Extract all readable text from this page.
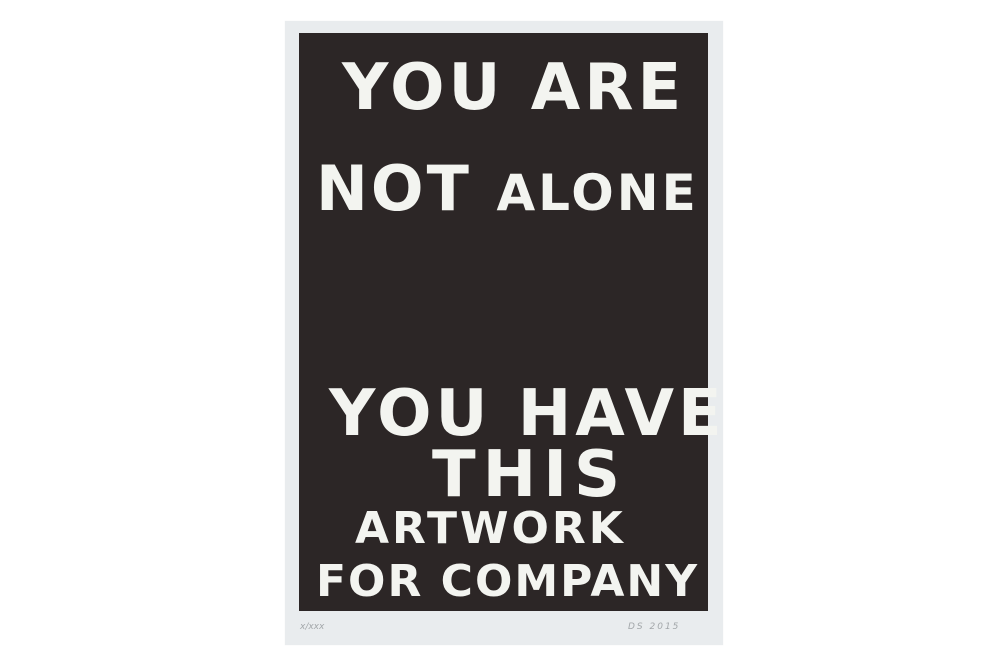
YOU ARE

NOT ALONE

YOU HAVE

THIS

ARTWORK

FOR COMPANY

x/xxx	DS 2015
